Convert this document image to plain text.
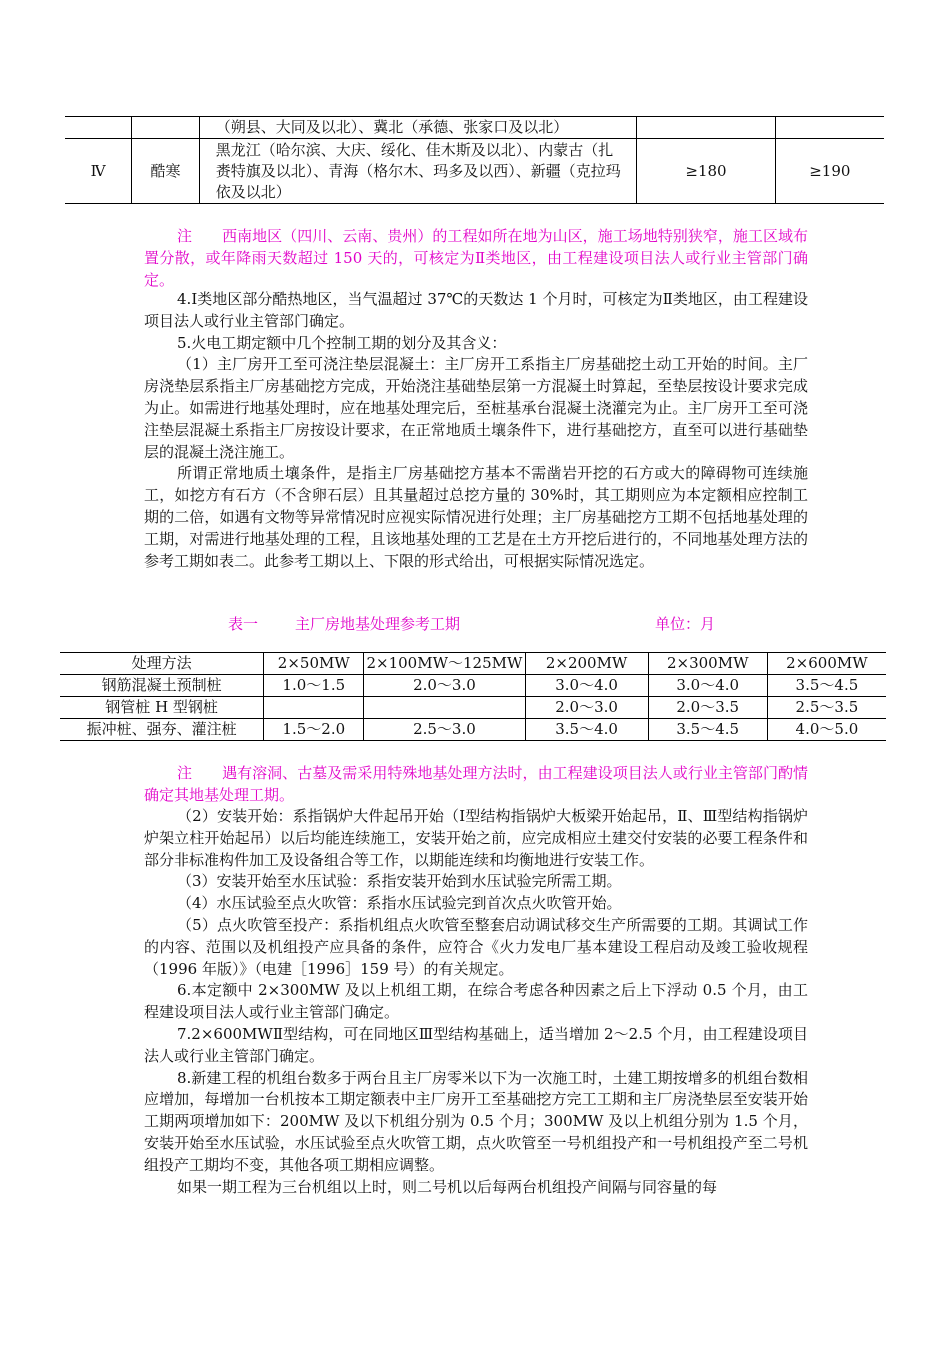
		（朔县、大同及以北）、冀北（承德、张家口及以北）		
Ⅳ	酷寒	黑龙江（哈尔滨、大庆、绥化、佳木斯及以北）、内蒙古（扎
赉特旗及以北）、青海（格尔木、玛多及以西）、新疆（克拉玛
依及以北）	≥180	≥190
注　　西南地区（四川、云南、贵州）的工程如所在地为山区，施工场地特别狭窄，施工区域布置分散，或年降雨天数超过 150 天的，可核定为Ⅱ类地区，由工程建设项目法人或行业主管部门确定。

4.Ⅰ类地区部分酷热地区，当气温超过 37℃的天数达 1 个月时，可核定为Ⅱ类地区，由工程建设项目法人或行业主管部门确定。

5.火电工期定额中几个控制工期的划分及其含义：

（1）主厂房开工至可浇注垫层混凝土：主厂房开工系指主厂房基础挖土动工开始的时间。主厂房浇垫层系指主厂房基础挖方完成，开始浇注基础垫层第一方混凝土时算起，至垫层按设计要求完成为止。如需进行地基处理时，应在地基处理完后，至桩基承台混凝土浇灌完为止。主厂房开工至可浇注垫层混凝土系指主厂房按设计要求，在正常地质土壤条件下，进行基础挖方，直至可以进行基础垫层的混凝土浇注施工。

所谓正常地质土壤条件，是指主厂房基础挖方基本不需凿岩开挖的石方或大的障碍物可连续施工，如挖方有石方（不含卵石层）且其量超过总挖方量的 30%时，其工期则应为本定额相应控制工期的二倍，如遇有文物等异常情况时应视实际情况进行处理；主厂房基础挖方工期不包括地基处理的工期，对需进行地基处理的工程，且该地基处理的工艺是在土方开挖后进行的，不同地基处理方法的参考工期如表二。此参考工期以上、下限的形式给出，可根据实际情况选定。

表一 主厂房地基处理参考工期	单位：月
处理方法	2×50MW	2×100MW～125MW	2×200MW	2×300MW	2×600MW
钢筋混凝土预制桩	1.0～1.5	2.0～3.0	3.0～4.0	3.0～4.0	3.5～4.5
钢管桩 H 型钢桩			2.0～3.0	2.0～3.5	2.5～3.5
振冲桩、强夯、灌注桩	1.5～2.0	2.5～3.0	3.5～4.0	3.5～4.5	4.0～5.0
注　　遇有溶洞、古墓及需采用特殊地基处理方法时，由工程建设项目法人或行业主管部门酌情确定其地基处理工期。

（2）安装开始：系指锅炉大件起吊开始（Ⅰ型结构指锅炉大板梁开始起吊，Ⅱ、Ⅲ型结构指锅炉炉架立柱开始起吊）以后均能连续施工，安装开始之前，应完成相应土建交付安装的必要工程条件和部分非标准构件加工及设备组合等工作，以期能连续和均衡地进行安装工作。

（3）安装开始至水压试验：系指安装开始到水压试验完所需工期。

（4）水压试验至点火吹管：系指水压试验完到首次点火吹管开始。

（5）点火吹管至投产：系指机组点火吹管至整套启动调试移交生产所需要的工期。其调试工作的内容、范围以及机组投产应具备的条件，应符合《火力发电厂基本建设工程启动及竣工验收规程（1996 年版）》（电建［1996］159 号）的有关规定。

6.本定额中 2×300MW 及以上机组工期，在综合考虑各种因素之后上下浮动 0.5 个月，由工程建设项目法人或行业主管部门确定。

7.2×600MWⅡ型结构，可在同地区Ⅲ型结构基础上，适当增加 2～2.5 个月，由工程建设项目法人或行业主管部门确定。

8.新建工程的机组台数多于两台且主厂房零米以下为一次施工时，土建工期按增多的机组台数相应增加，每增加一台机按本工期定额表中主厂房开工至基础挖方完工工期和主厂房浇垫层至安装开始工期两项增加如下：200MW 及以下机组分别为 0.5 个月；300MW 及以上机组分别为 1.5 个月，安装开始至水压试验，水压试验至点火吹管工期，点火吹管至一号机组投产和一号机组投产至二号机组投产工期均不变，其他各项工期相应调整。

如果一期工程为三台机组以上时，则二号机以后每两台机组投产间隔与同容量的每
